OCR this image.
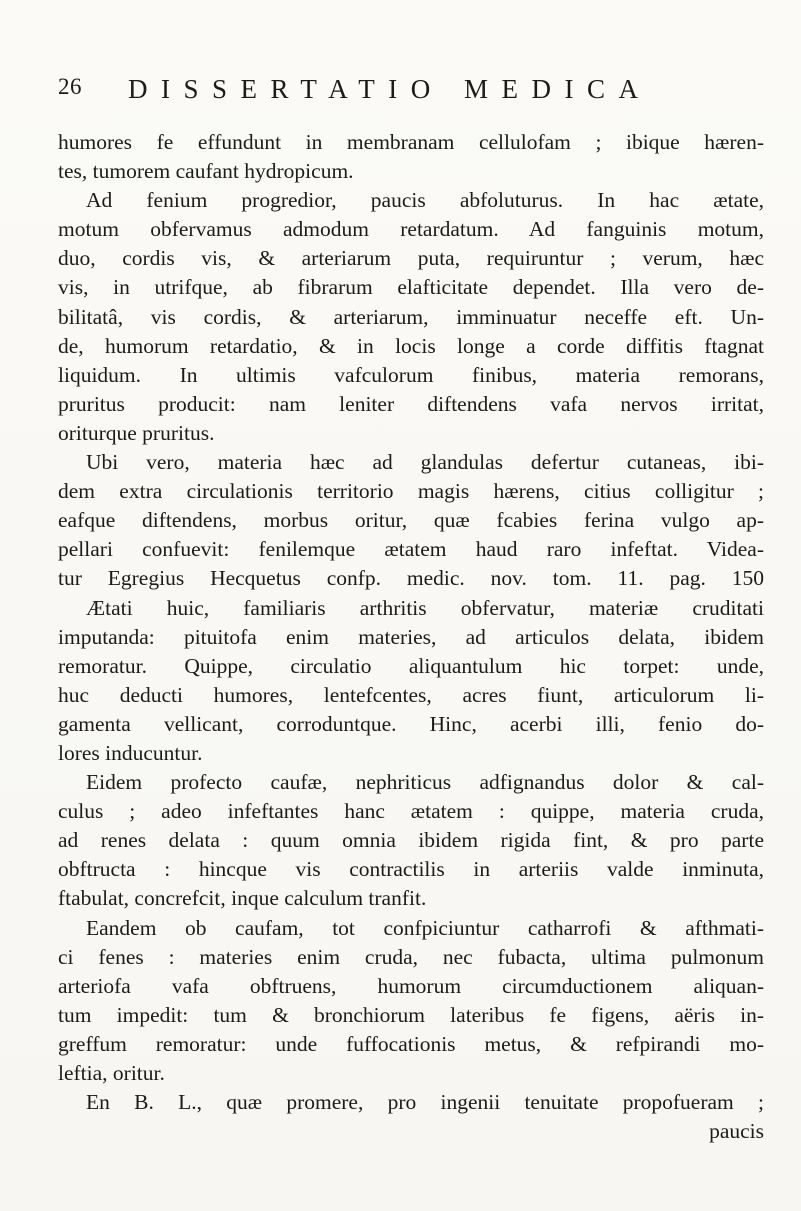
26 DISSERTATIO MEDICA
humores fe effundunt in membranam cellulofam ; ibique hæren-
tes, tumorem caufant hydropicum.
Ad fenium progredior, paucis abfoluturus. In hac ætate,
motum obfervamus admodum retardatum. Ad fanguinis motum,
duo, cordis vis, & arteriarum puta, requiruntur ; verum, hæc
vis, in utrifque, ab fibrarum elafticitate dependet. Illa vero de-
bilitatâ, vis cordis, & arteriarum, imminuatur neceffe eft. Un-
de, humorum retardatio, & in locis longe a corde diffitis ftagnat
liquidum. In ultimis vafculorum finibus, materia remorans,
pruritus producit: nam leniter diftendens vafa nervos irritat,
oriturque pruritus.
Ubi vero, materia hæc ad glandulas defertur cutaneas, ibi-
dem extra circulationis territorio magis hærens, citius colligitur ;
eafque diftendens, morbus oritur, quæ fcabies ferina vulgo ap-
pellari confuevit: fenilemque ætatem haud raro infeftat. Videa-
tur Egregius Hecquetus confp. medic. nov. tom. 11. pag. 150
Ætati huic, familiaris arthritis obfervatur, materiæ cruditati
imputanda: pituitofa enim materies, ad articulos delata, ibidem
remoratur. Quippe, circulatio aliquantulum hic torpet: unde,
huc deducti humores, lentefcentes, acres fiunt, articulorum li-
gamenta vellicant, corroduntque. Hinc, acerbi illi, fenio do-
lores inducuntur.
Eidem profecto caufæ, nephriticus adfignandus dolor & cal-
culus ; adeo infeftantes hanc ætatem : quippe, materia cruda,
ad renes delata : quum omnia ibidem rigida fint, & pro parte
obftructa : hincque vis contractilis in arteriis valde inminuta,
ftabulat, concrefcit, inque calculum tranfit.
Eandem ob caufam, tot confpiciuntur catharrofi & afthmati-
ci fenes : materies enim cruda, nec fubacta, ultima pulmonum
arteriofa vafa obftruens, humorum circumductionem aliquan-
tum impedit: tum & bronchiorum lateribus fe figens, aëris in-
greffum remoratur: unde fuffocationis metus, & refpirandi mo-
leftia, oritur.
En B. L., quæ promere, pro ingenii tenuitate propofueram ;
paucis
